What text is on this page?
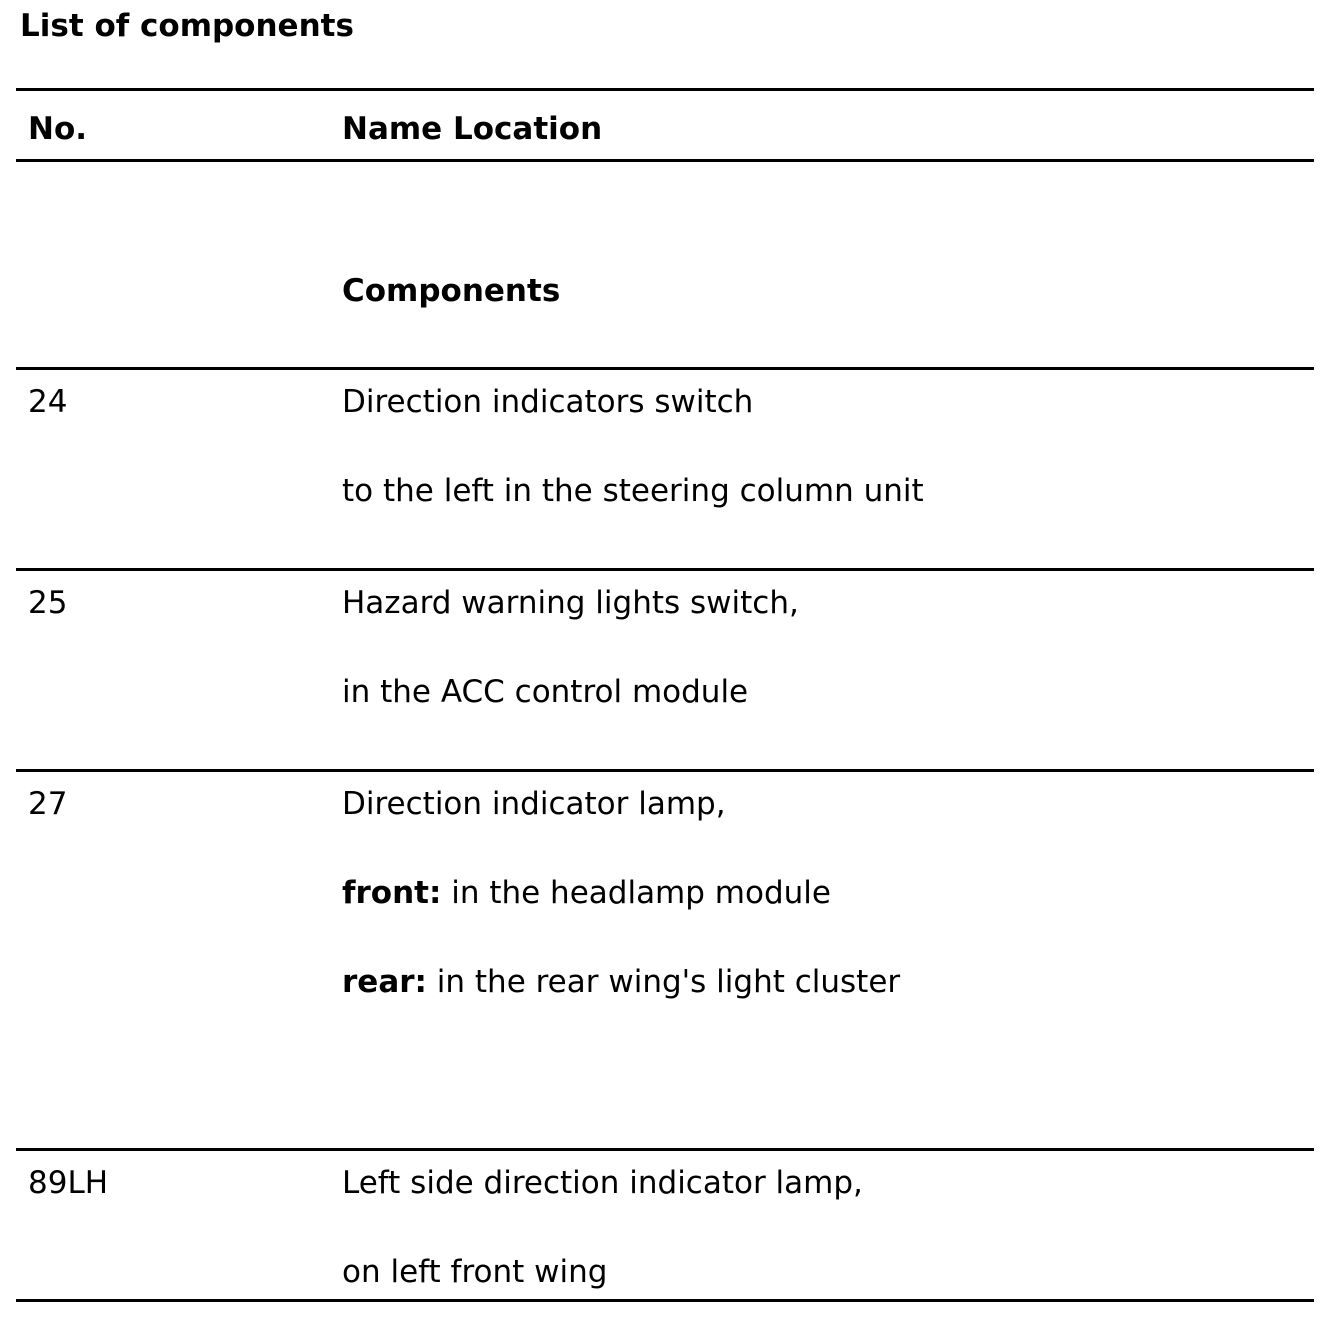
List of components
No.	Name Location
Components
24	Direction indicators switch
to the left in the steering column unit
25	Hazard warning lights switch,
in the ACC control module
27	Direction indicator lamp,
front: in the headlamp module
rear: in the rear wing's light cluster
89LH	Left side direction indicator lamp,
on left front wing
